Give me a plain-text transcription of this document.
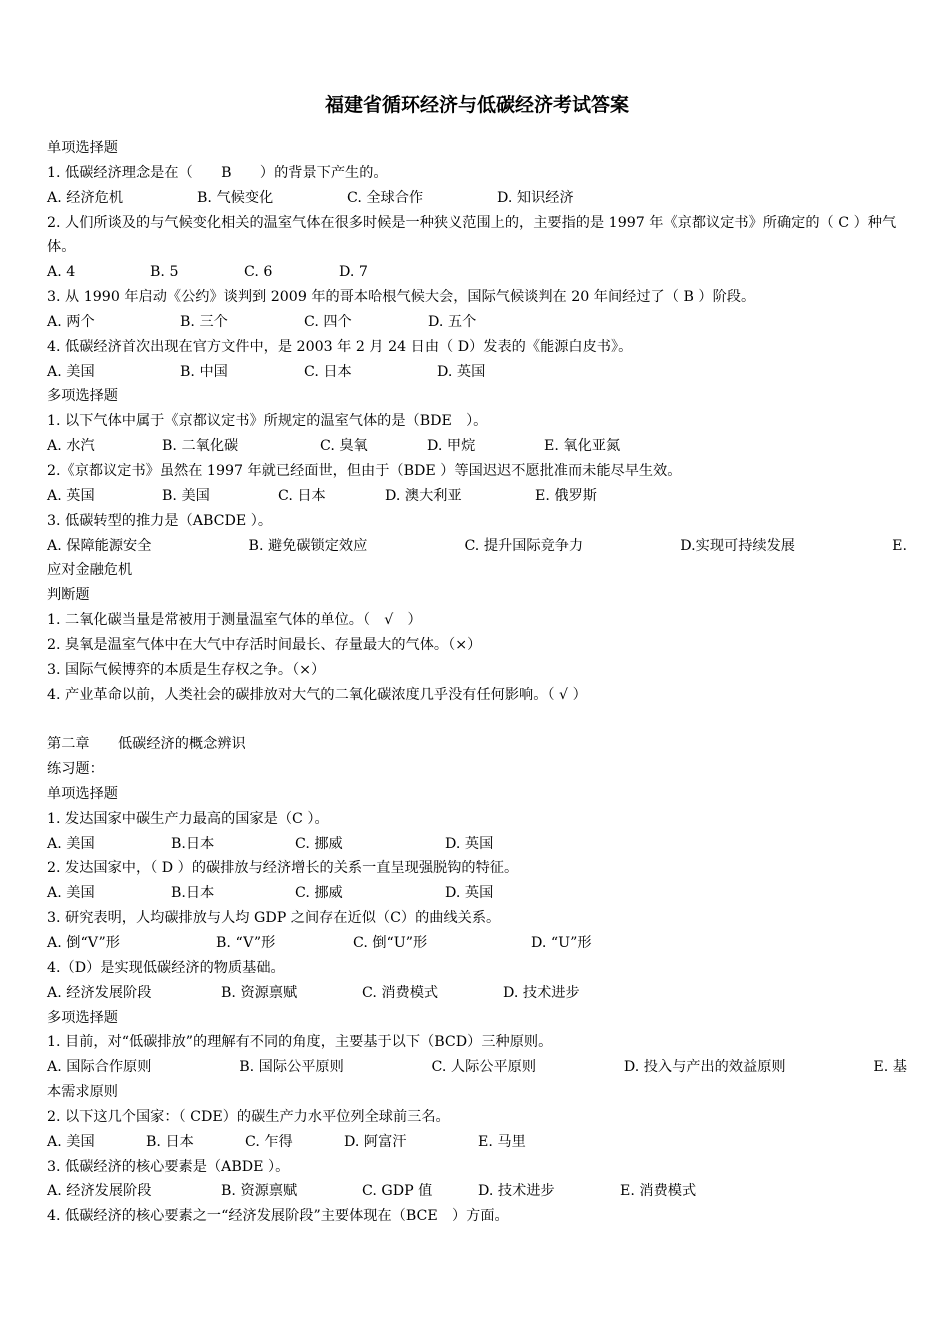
福建省循环经济与低碳经济考试答案
单项选择题
1. 低碳经济理念是在（　　B　　）的背景下产生的。
A. 经济危机	B. 气候变化	C. 全球合作	D. 知识经济
2. 人们所谈及的与气候变化相关的温室气体在很多时候是一种狭义范围上的，主要指的是 1997 年《京都议定书》所确定的（ C ）种气体。
A. 4	B. 5	C. 6	D. 7
3. 从 1990 年启动《公约》谈判到 2009 年的哥本哈根气候大会，国际气候谈判在 20 年间经过了（ B ）阶段。
A. 两个	B. 三个	C. 四个	D. 五个
4. 低碳经济首次出现在官方文件中，是 2003 年 2 月 24 日由（ D）发表的《能源白皮书》。
A. 美国	B. 中国	C. 日本	D. 英国
多项选择题
1. 以下气体中属于《京都议定书》所规定的温室气体的是（BDE　）。
A. 水汽	B. 二氧化碳	C. 臭氧	D. 甲烷	E. 氧化亚氮
2.《京都议定书》虽然在 1997 年就已经面世，但由于（BDE ）等国迟迟不愿批准而未能尽早生效。
A. 英国	B. 美国	C. 日本	D. 澳大利亚	E. 俄罗斯
3. 低碳转型的推力是（ABCDE ）。
A. 保障能源安全	B. 避免碳锁定效应	C. 提升国际竞争力	D.实现可持续发展	E.
应对金融危机
判断题
1. 二氧化碳当量是常被用于测量温室气体的单位。（　√　）
2. 臭氧是温室气体中在大气中存活时间最长、存量最大的气体。（×）
3. 国际气候博弈的本质是生存权之争。（×）
4. 产业革命以前，人类社会的碳排放对大气的二氧化碳浓度几乎没有任何影响。（ √ ）
第二章　　低碳经济的概念辨识
练习题：
单项选择题
1. 发达国家中碳生产力最高的国家是（C ）。
A. 美国	B.日本	C. 挪威	D. 英国
2. 发达国家中，（ D ）的碳排放与经济增长的关系一直呈现强脱钩的特征。
A. 美国	B.日本	C. 挪威	D. 英国
3. 研究表明，人均碳排放与人均 GDP 之间存在近似（C）的曲线关系。
A. 倒“V”形	B. “V”形	C. 倒“U”形	D. “U”形
4.（D）是实现低碳经济的物质基础。
A. 经济发展阶段	B. 资源禀赋	C. 消费模式	D. 技术进步
多项选择题
1. 目前，对“低碳排放”的理解有不同的角度，主要基于以下（BCD）三种原则。
A. 国际合作原则	B. 国际公平原则	C. 人际公平原则	D. 投入与产出的效益原则	E. 基
本需求原则
2. 以下这几个国家：（ CDE）的碳生产力水平位列全球前三名。
A. 美国	B. 日本	C. 乍得	D. 阿富汗	E. 马里
3. 低碳经济的核心要素是（ABDE ）。
A. 经济发展阶段	B. 资源禀赋	C. GDP 值	D. 技术进步	E. 消费模式
4. 低碳经济的核心要素之一“经济发展阶段”主要体现在（BCE　）方面。
